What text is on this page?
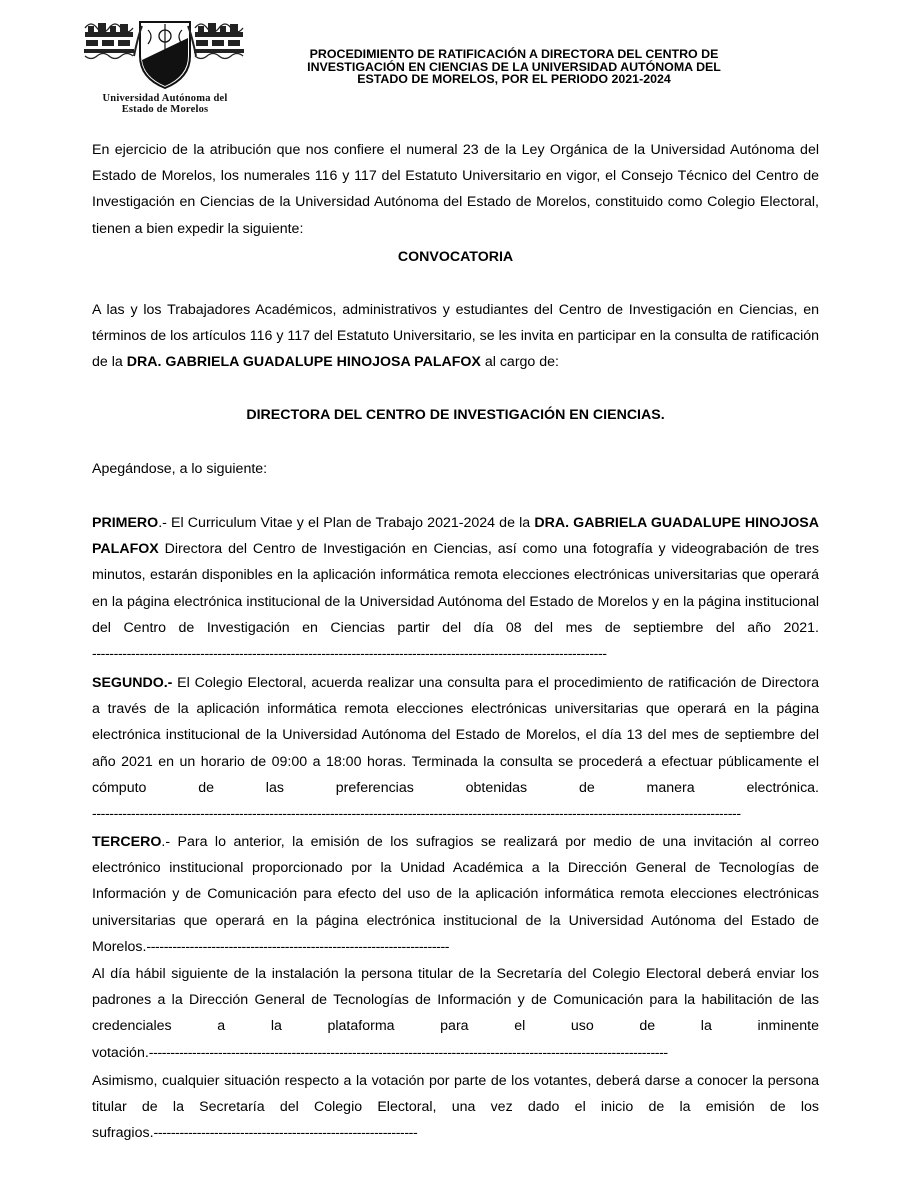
Universidad Autónoma del
Estado de Morelos
PROCEDIMIENTO DE RATIFICACIÓN A DIRECTORA DEL CENTRO DE
INVESTIGACIÓN EN CIENCIAS DE LA UNIVERSIDAD AUTÓNOMA DEL
ESTADO DE MORELOS, POR EL PERIODO 2021-2024
En ejercicio de la atribución que nos confiere el numeral 23 de la Ley Orgánica de la Universidad Autónoma del Estado de Morelos, los numerales 116 y 117 del Estatuto Universitario en vigor, el Consejo Técnico del Centro de Investigación en Ciencias de la Universidad Autónoma del Estado de Morelos, constituido como Colegio Electoral, tienen a bien expedir la siguiente:
CONVOCATORIA
A las y los Trabajadores Académicos, administrativos y estudiantes del Centro de Investigación en Ciencias, en términos de los artículos 116 y 117 del Estatuto Universitario, se les invita en participar en la consulta de ratificación de la DRA. GABRIELA GUADALUPE HINOJOSA PALAFOX al cargo de:
DIRECTORA DEL CENTRO DE INVESTIGACIÓN EN CIENCIAS.
Apegándose, a lo siguiente:
PRIMERO.- El Curriculum Vitae y el Plan de Trabajo 2021-2024 de la DRA. GABRIELA GUADALUPE HINOJOSA PALAFOX Directora del Centro de Investigación en Ciencias, así como una fotografía y videograbación de tres minutos, estarán disponibles en la aplicación informática remota elecciones electrónicas universitarias que operará en la página electrónica institucional de la Universidad Autónoma del Estado de Morelos y en la página institucional del Centro de Investigación en Ciencias partir del día 08 del mes de septiembre del año 2021. -----------------------------------------------------------------------------------------------------------------------
SEGUNDO.- El Colegio Electoral, acuerda realizar una consulta para el procedimiento de ratificación de Directora a través de la aplicación informática remota elecciones electrónicas universitarias que operará en la página electrónica institucional de la Universidad Autónoma del Estado de Morelos, el día 13 del mes de septiembre del año 2021 en un horario de 09:00 a 18:00 horas. Terminada la consulta se procederá a efectuar públicamente el cómputo de las preferencias obtenidas de manera electrónica. ------------------------------------------------------------------------------------------------------------------------------------------------------
TERCERO.- Para lo anterior, la emisión de los sufragios se realizará por medio de una invitación al correo electrónico institucional proporcionado por la Unidad Académica a la Dirección General de Tecnologías de Información y de Comunicación para efecto del uso de la aplicación informática remota elecciones electrónicas universitarias que operará en la página electrónica institucional de la Universidad Autónoma del Estado de Morelos.----------------------------------------------------------------------
Al día hábil siguiente de la instalación la persona titular de la Secretaría del Colegio Electoral deberá enviar los padrones a la Dirección General de Tecnologías de Información y de Comunicación para la habilitación de las credenciales a la plataforma para el uso de la inminente votación.------------------------------------------------------------------------------------------------------------------------
Asimismo, cualquier situación respecto a la votación por parte de los votantes, deberá darse a conocer la persona titular de la Secretaría del Colegio Electoral, una vez dado el inicio de la emisión de los sufragios.-------------------------------------------------------------
